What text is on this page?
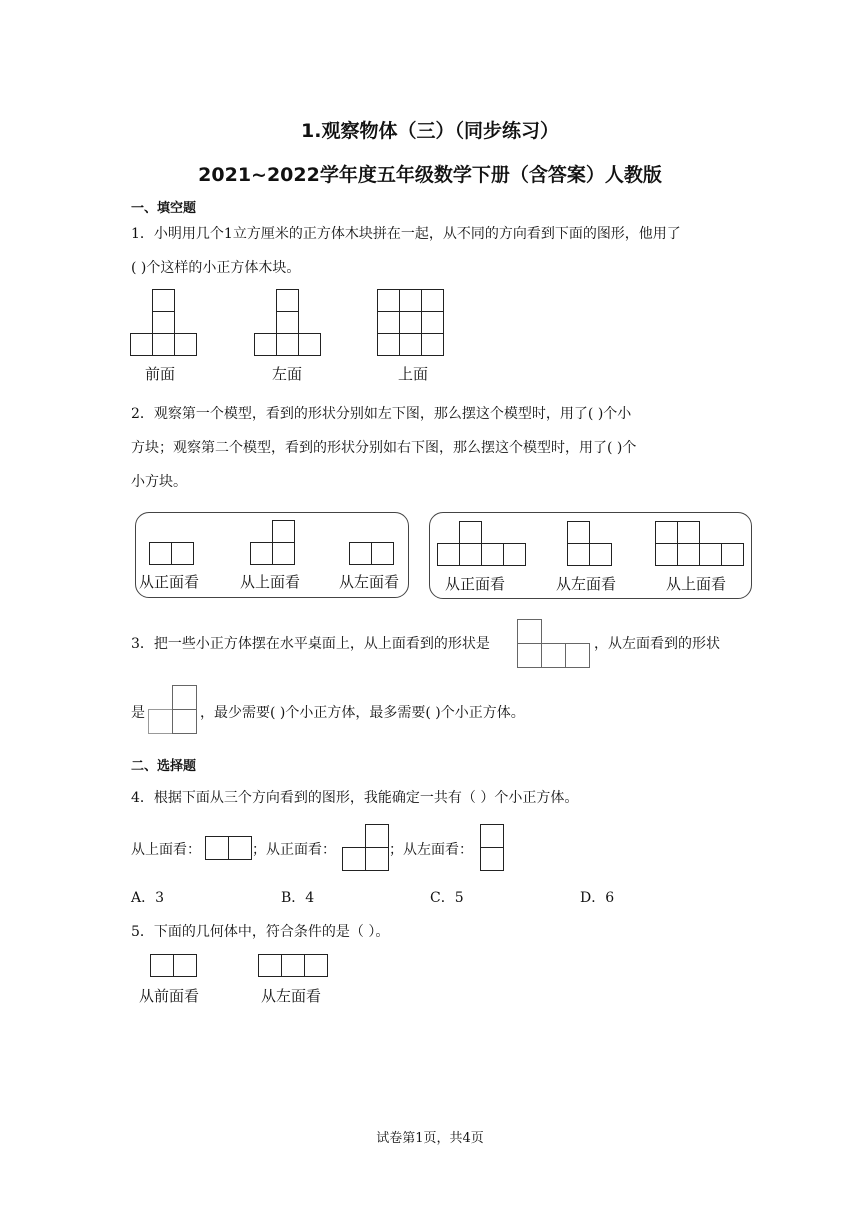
1.观察物体（三）（同步练习）
2021~2022学年度五年级数学下册（含答案）人教版
一、填空题
1．小明用几个1立方厘米的正方体木块拼在一起，从不同的方向看到下面的图形，他用了
( )个这样的小正方体木块。
前面	左面	上面
2．观察第一个模型，看到的形状分别如左下图，那么摆这个模型时，用了( )个小
方块；观察第二个模型，看到的形状分别如右下图，那么摆这个模型时，用了( )个
小方块。
从正面看	从上面看	从左面看	从正面看	从左面看	从上面看
3．把一些小正方体摆在水平桌面上，从上面看到的形状是	，从左面看到的形状
是	，最少需要( )个小正方体，最多需要( )个小正方体。
二、选择题
4．根据下面从三个方向看到的图形，我能确定一共有（ ）个小正方体。
从上面看：	；从正面看：	；从左面看：
A．3	B．4	C．5	D．6
5．下面的几何体中，符合条件的是（ ）。
从前面看	从左面看
试卷第1页，共4页
